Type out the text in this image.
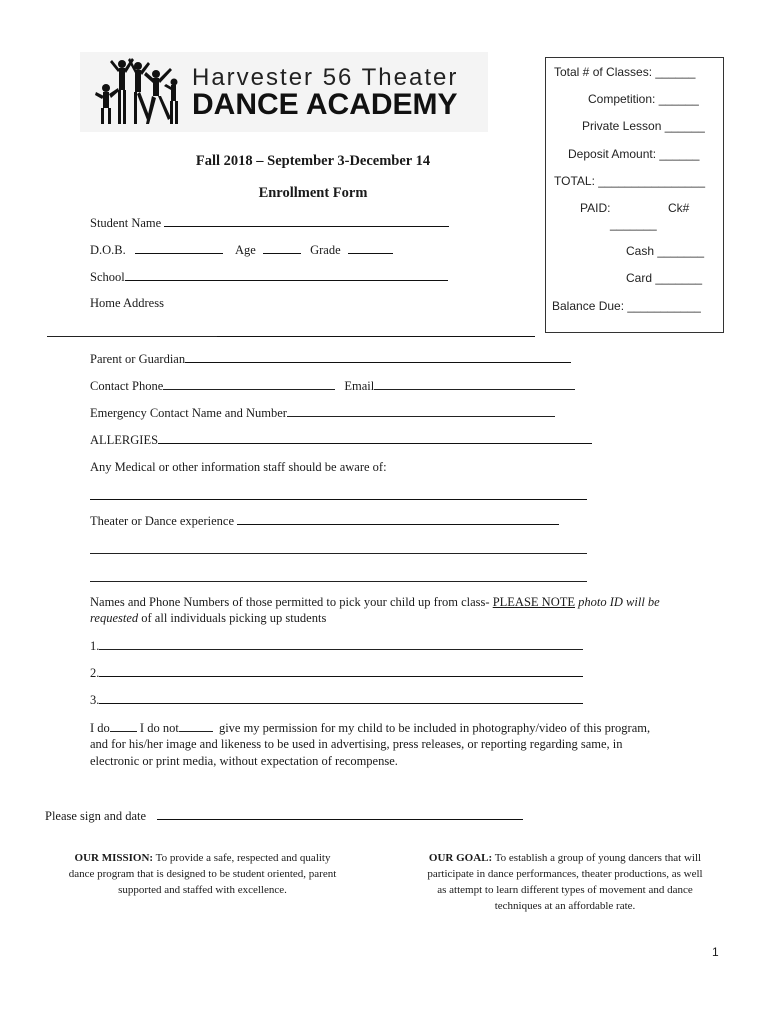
Harvester 56 Theater
DANCE ACADEMY
Fall 2018 – September 3-December 14
Enrollment Form
Total # of Classes: ______
Competition: ______
Private Lesson ______
Deposit Amount: ______
TOTAL: ________________
PAID:	Ck#
_______
Cash _______
Card _______
Balance Due: ___________
Student Name
D.O.B.	Age	Grade
School
Home Address
Parent or Guardian
Contact Phone	Email
Emergency Contact Name and Number
ALLERGIES
Any Medical or other information staff should be aware of:
Theater or Dance experience
Names and Phone Numbers of those permitted to pick your child up from class- PLEASE NOTE photo ID will be
requested of all individuals picking up students
1.
2.
3.
I do I do not	give my permission for my child to be included in photography/video of this program,
and for his/her image and likeness to be used in advertising, press releases, or reporting regarding same, in
electronic or print media, without expectation of recompense.
Please sign and date
OUR MISSION: To provide a safe, respected and quality
dance program that is designed to be student oriented, parent
supported and staffed with excellence.
OUR GOAL: To establish a group of young dancers that will
participate in dance performances, theater productions, as well
as attempt to learn different types of movement and dance
techniques at an affordable rate.
1
